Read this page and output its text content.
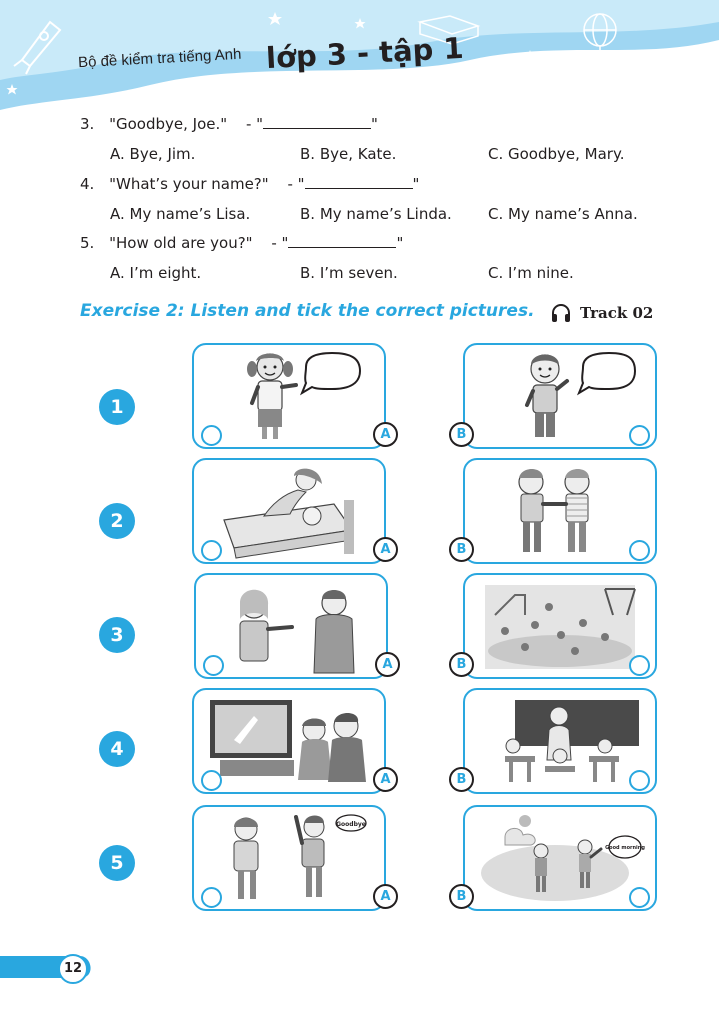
Bộ đề kiểm tra tiếng Anh lớp 3 - tập 1
3. "Goodbye, Joe." - "	"
A. Bye, Jim.	B. Bye, Kate.	C. Goodbye, Mary.
4. "What’s your name?" - "	"
A. My name’s Lisa.	B. My name’s Linda. C. My name’s Anna.
5. "How old are you?" - "	"
A. I’m eight.	B. I’m seven.	C. I’m nine.
Exercise 2: Listen and tick the correct pictures.	Track 02
1
A	B
2
A	B
3
A	B
4
A	B
5
Goodbye
A
Good morning
B
12
